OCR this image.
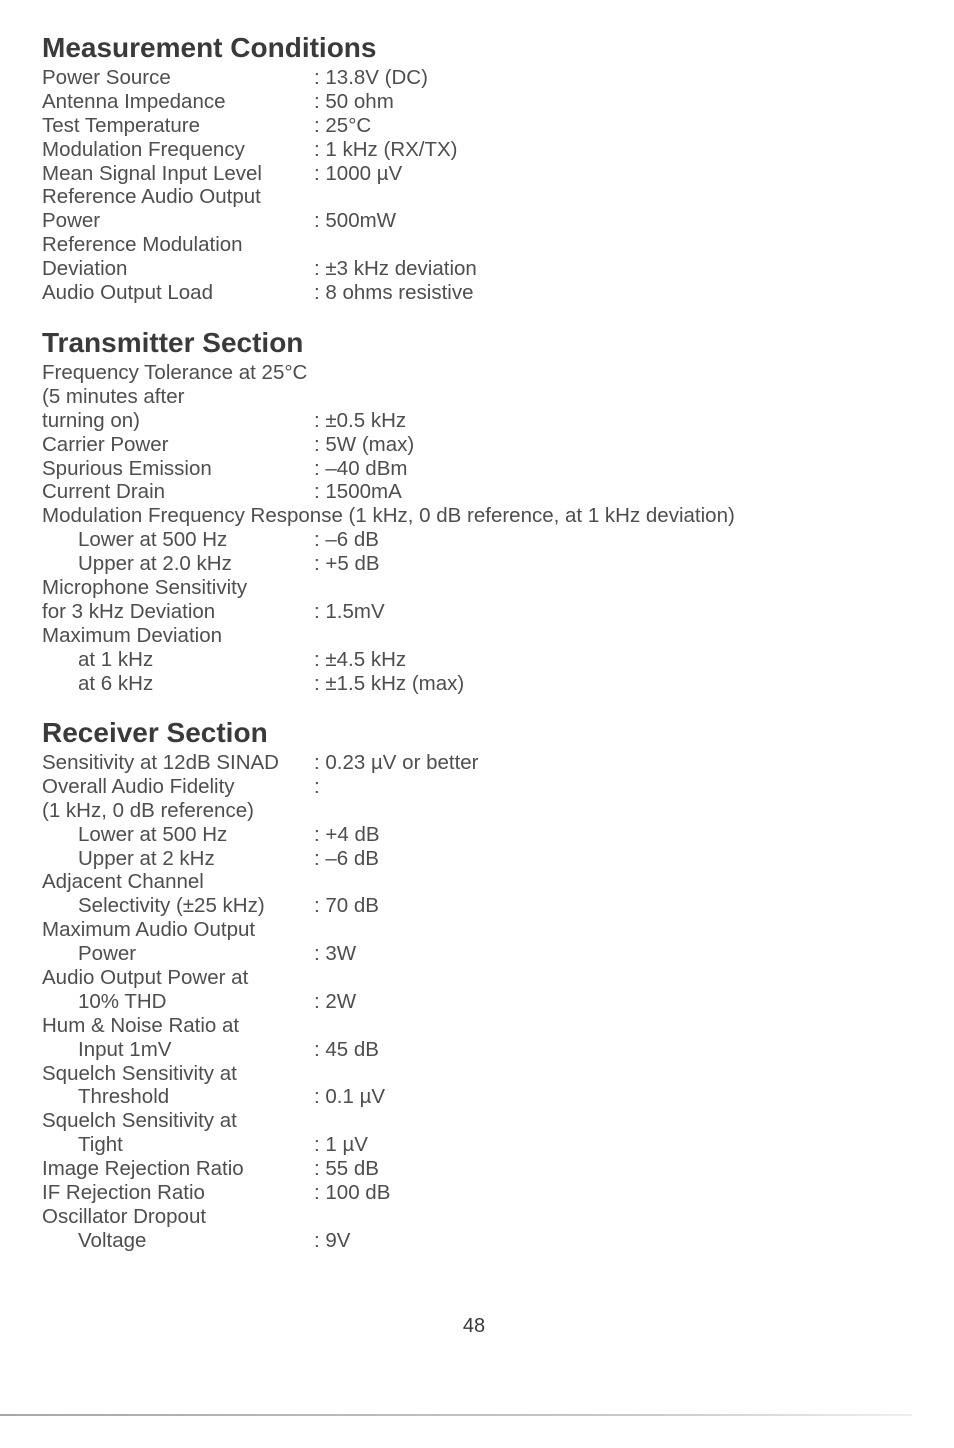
Measurement Conditions
Power Source	: 13.8V (DC)
Antenna Impedance	: 50 ohm
Test Temperature	: 25°C
Modulation Frequency	: 1 kHz (RX/TX)
Mean Signal Input Level	: 1000 µV
Reference Audio Output
Power	: 500mW
Reference Modulation
Deviation	: ±3 kHz deviation
Audio Output Load	: 8 ohms resistive
Transmitter Section
Frequency Tolerance at 25°C
(5 minutes after
turning on)	: ±0.5 kHz
Carrier Power	: 5W (max)
Spurious Emission	: –40 dBm
Current Drain	: 1500mA
Modulation Frequency Response (1 kHz, 0 dB reference, at 1 kHz deviation)
Lower at 500 Hz	: –6 dB
Upper at 2.0 kHz	: +5 dB
Microphone Sensitivity
for 3 kHz Deviation	: 1.5mV
Maximum Deviation
at 1 kHz	: ±4.5 kHz
at 6 kHz	: ±1.5 kHz (max)
Receiver Section
Sensitivity at 12dB SINAD : 0.23 µV or better
Overall Audio Fidelity	:
(1 kHz, 0 dB reference)
Lower at 500 Hz	: +4 dB
Upper at 2 kHz	: –6 dB
Adjacent Channel
Selectivity (±25 kHz) : 70 dB
Maximum Audio Output
Power	: 3W
Audio Output Power at
10% THD	: 2W
Hum & Noise Ratio at
Input 1mV	: 45 dB
Squelch Sensitivity at
Threshold	: 0.1 µV
Squelch Sensitivity at
Tight	: 1 µV
Image Rejection Ratio	: 55 dB
IF Rejection Ratio	: 100 dB
Oscillator Dropout
Voltage	: 9V
48
